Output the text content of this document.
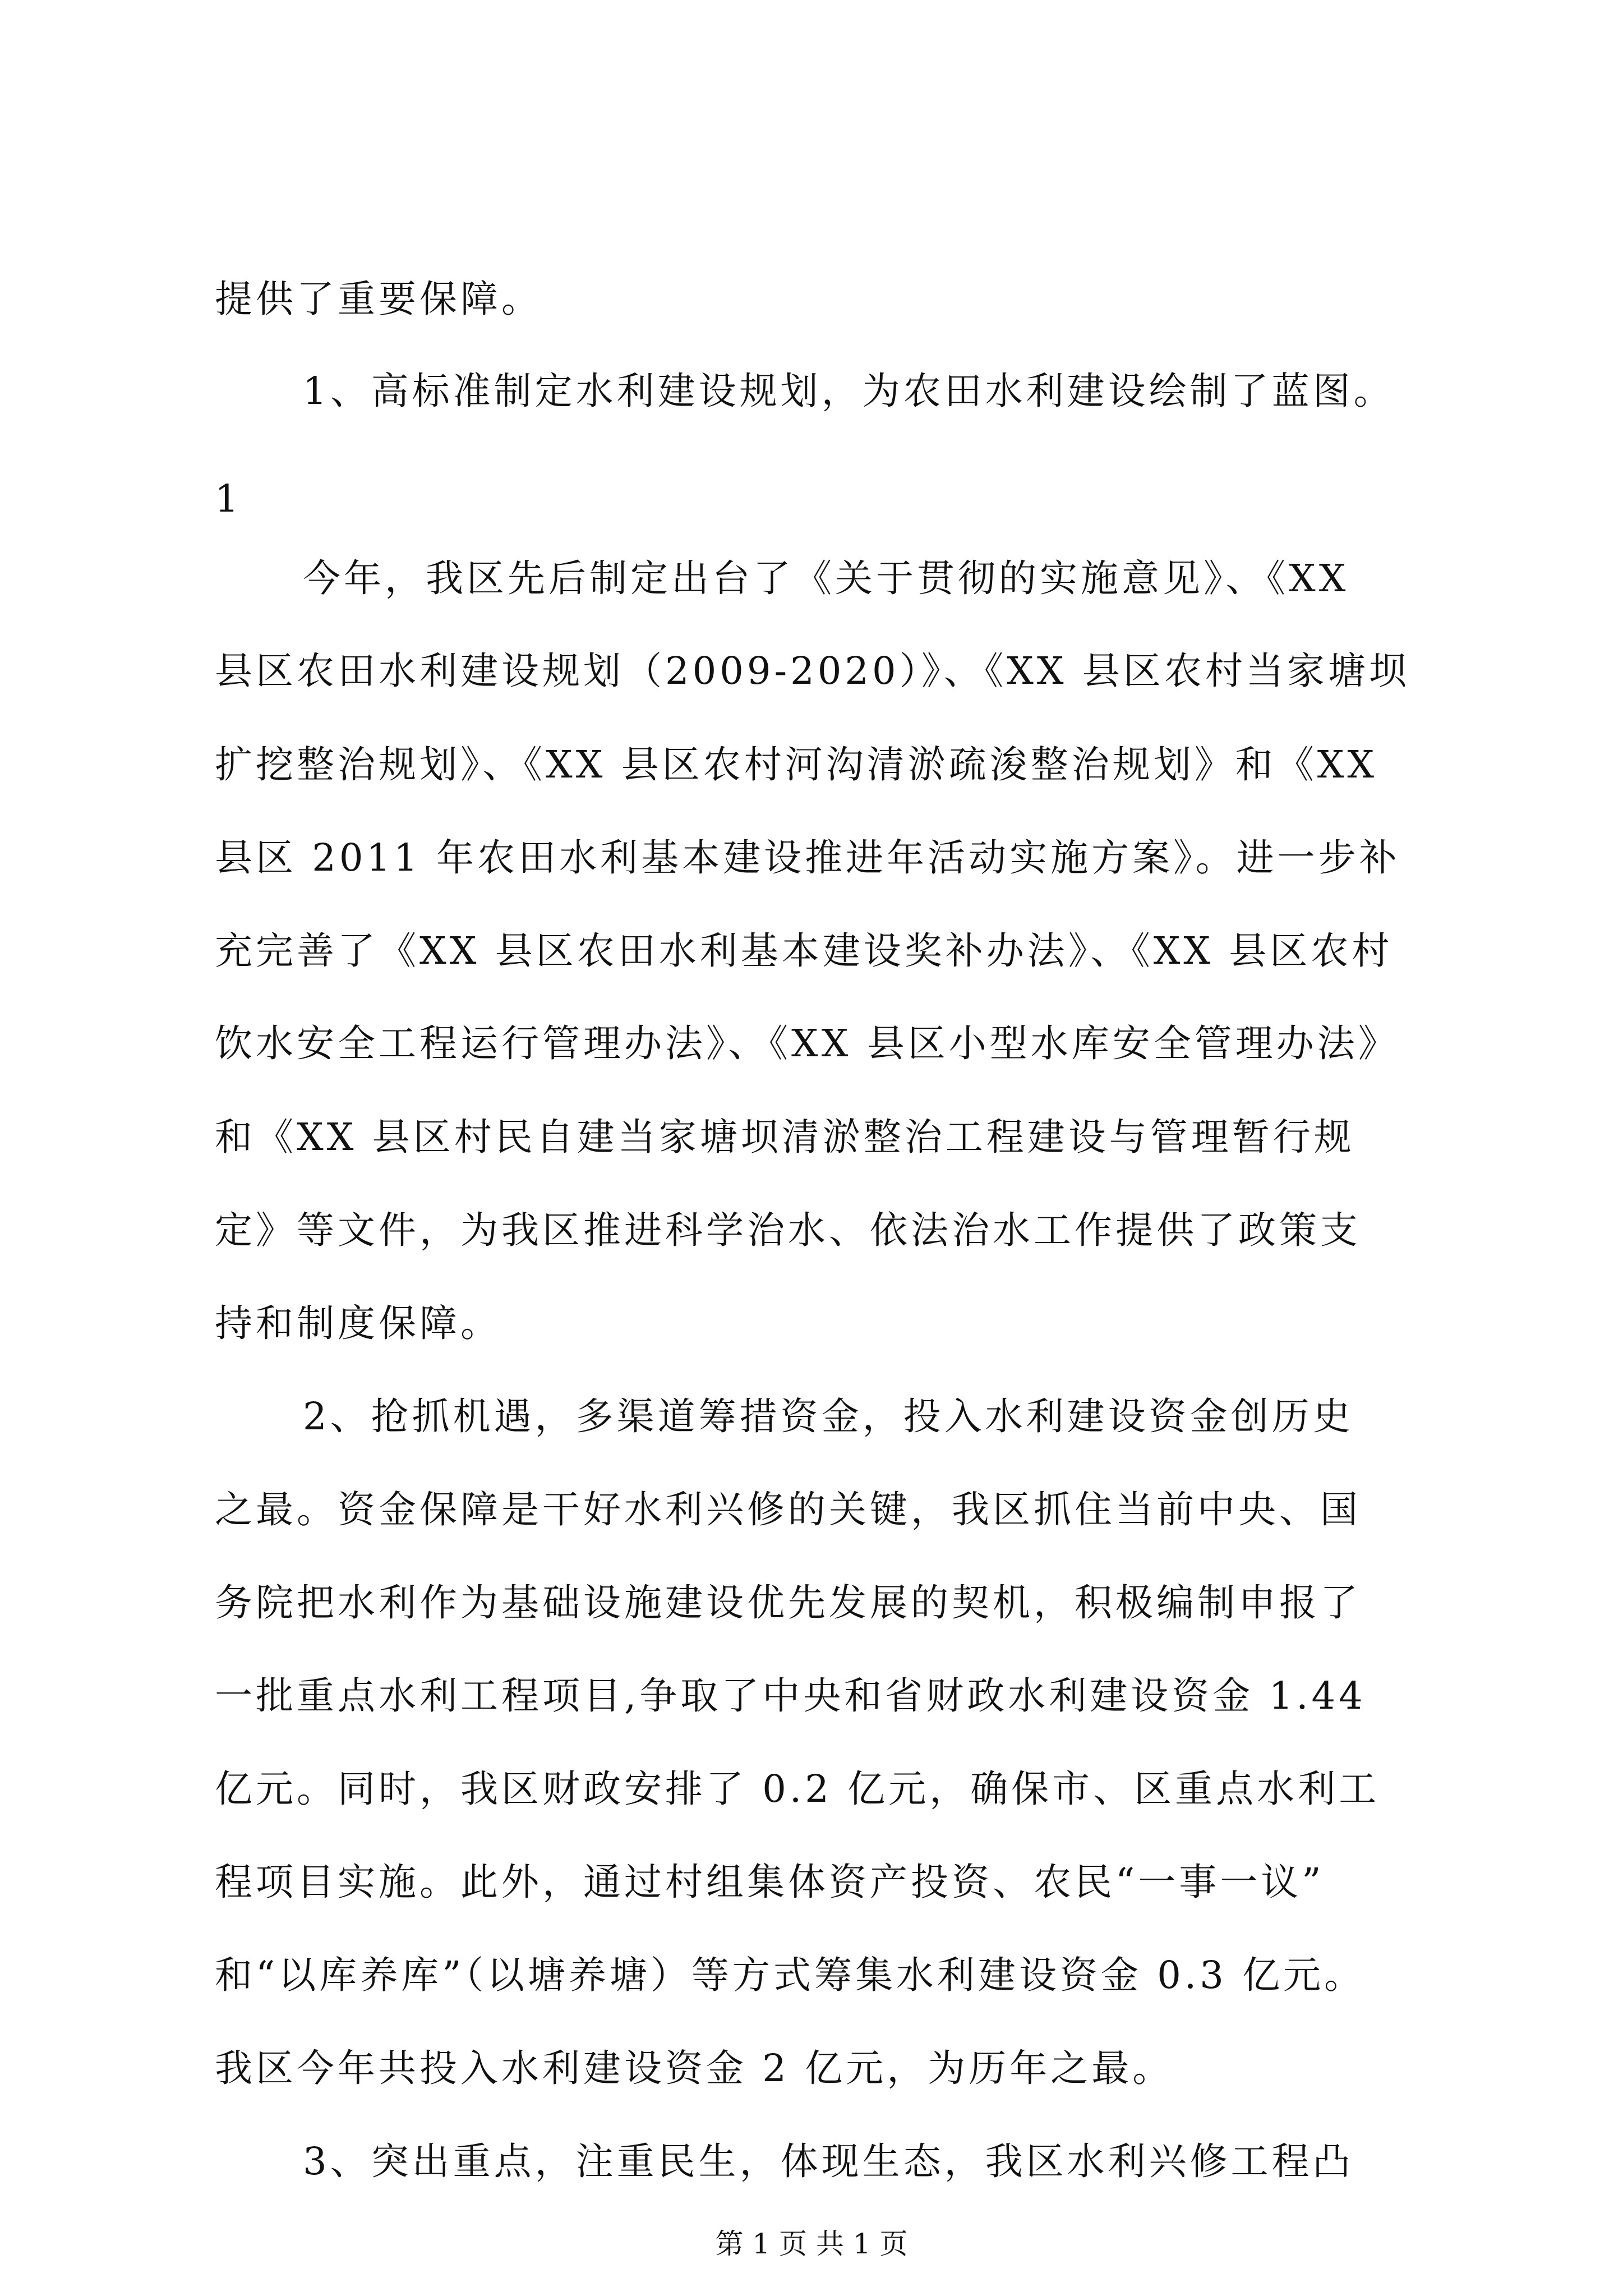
提供了重要保障。
1、高标准制定水利建设规划，为农田水利建设绘制了蓝图。
1
今年，我区先后制定出台了《关于贯彻的实施意见》、《XX
县区农田水利建设规划（2009-2020）》、《XX 县区农村当家塘坝
扩挖整治规划》、《XX 县区农村河沟清淤疏浚整治规划》和《XX
县区 2011 年农田水利基本建设推进年活动实施方案》。进一步补
充完善了《XX 县区农田水利基本建设奖补办法》、《XX 县区农村
饮水安全工程运行管理办法》、《XX 县区小型水库安全管理办法》
和《XX 县区村民自建当家塘坝清淤整治工程建设与管理暂行规
定》等文件，为我区推进科学治水、依法治水工作提供了政策支
持和制度保障。
2、抢抓机遇，多渠道筹措资金，投入水利建设资金创历史
之最。资金保障是干好水利兴修的关键，我区抓住当前中央、国
务院把水利作为基础设施建设优先发展的契机，积极编制申报了
一批重点水利工程项目,争取了中央和省财政水利建设资金 1.44
亿元。同时，我区财政安排了 0.2 亿元，确保市、区重点水利工
程项目实施。此外，通过村组集体资产投资、农民“一事一议”
和“以库养库”（以塘养塘）等方式筹集水利建设资金 0.3 亿元。
我区今年共投入水利建设资金 2 亿元，为历年之最。
3、突出重点，注重民生，体现生态，我区水利兴修工程凸
第 1 页 共 1 页
